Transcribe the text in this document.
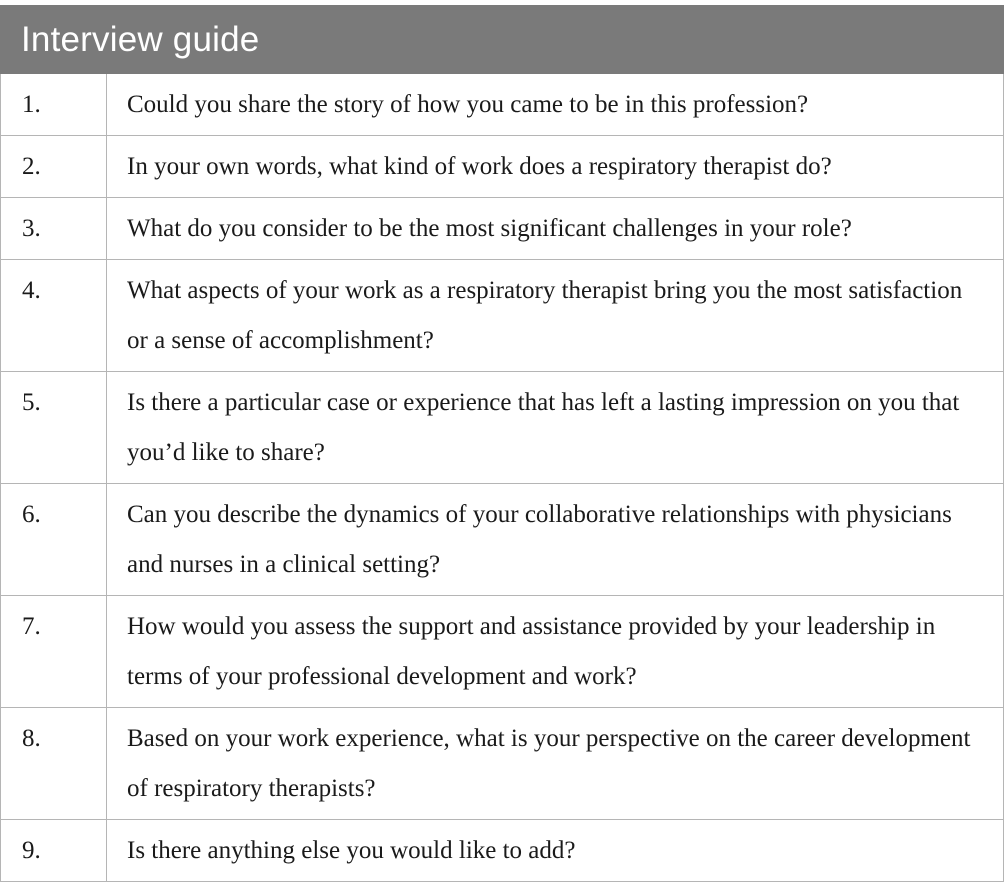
Interview guide	
1.	Could you share the story of how you came to be in this profession?
2.	In your own words, what kind of work does a respiratory therapist do?
3.	What do you consider to be the most significant challenges in your role?
4.	What aspects of your work as a respiratory therapist bring you the most satisfaction or a sense of accomplishment?
5.	Is there a particular case or experience that has left a lasting impression on you that you’d like to share?
6.	Can you describe the dynamics of your collaborative relationships with physicians and nurses in a clinical setting?
7.	How would you assess the support and assistance provided by your leadership in terms of your professional development and work?
8.	Based on your work experience, what is your perspective on the career development of respiratory therapists?
9.	Is there anything else you would like to add?
